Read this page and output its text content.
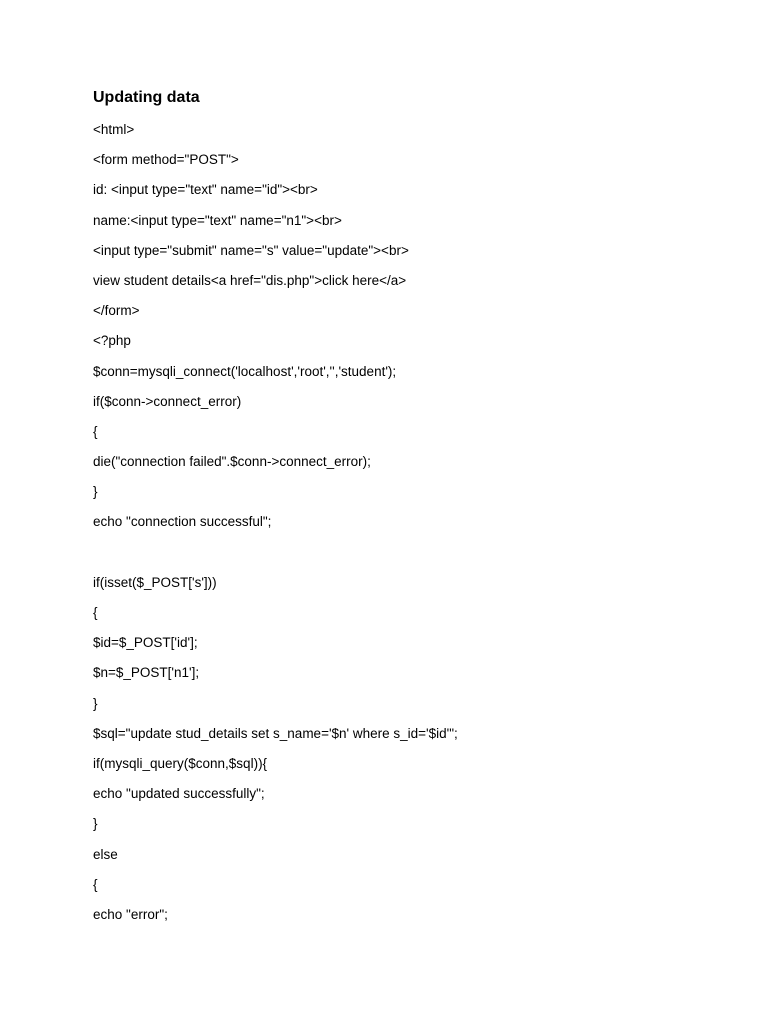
Updating data
<html>
<form method="POST">
id: <input type="text" name="id"><br>
name:<input type="text" name="n1"><br>
<input type="submit" name="s" value="update"><br>
view student details<a href="dis.php">click here</a>
</form>
<?php
$conn=mysqli_connect('localhost','root','','student');
if($conn->connect_error)
{
die("connection failed".$conn->connect_error);
}
echo "connection successful";
if(isset($_POST['s']))
{
$id=$_POST['id'];
$n=$_POST['n1'];
}
$sql="update stud_details set s_name='$n' where s_id='$id'";
if(mysqli_query($conn,$sql)){
echo "updated successfully";
}
else
{
echo "error";
